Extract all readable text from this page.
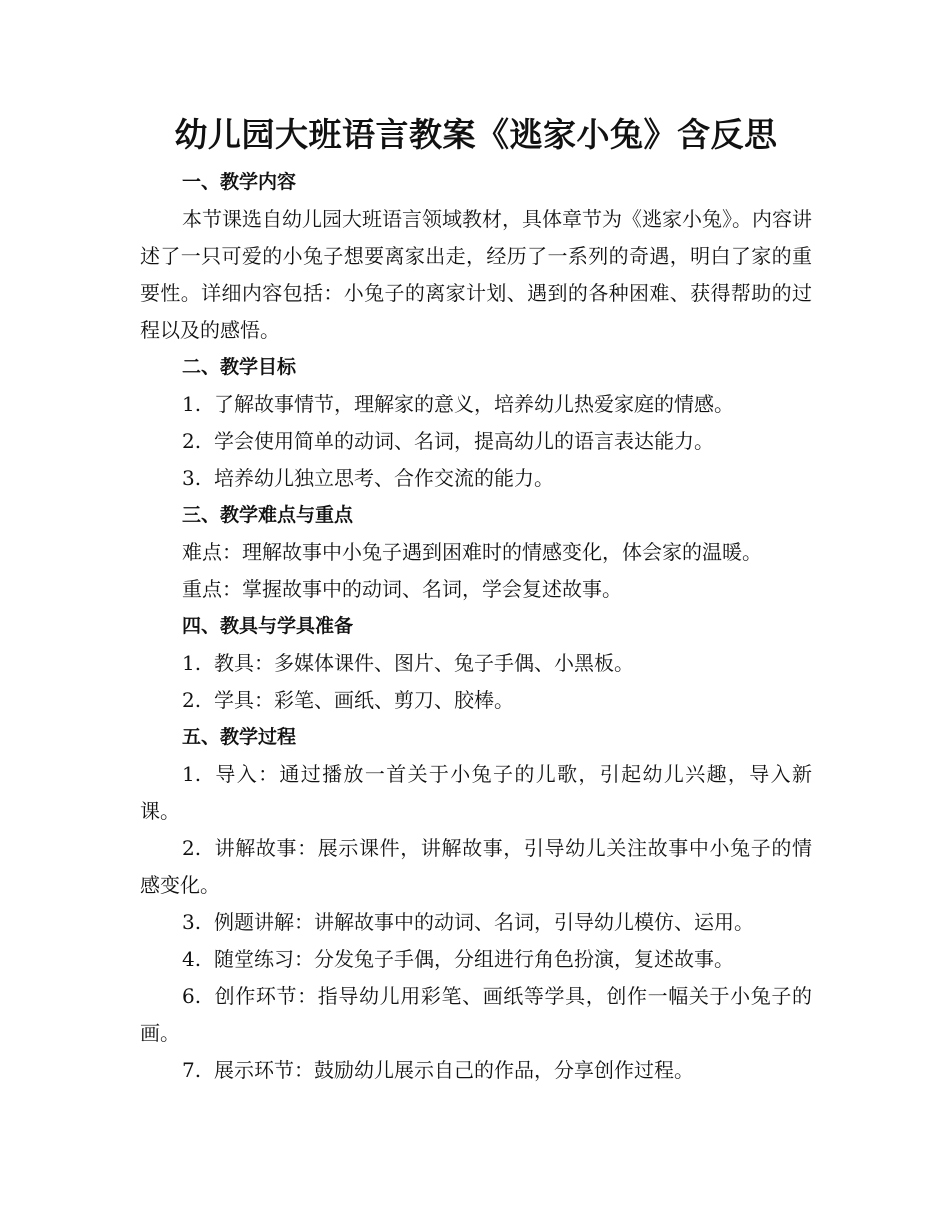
幼儿园大班语言教案《逃家小兔》含反思

一、教学内容

本节课选自幼儿园大班语言领域教材，具体章节为《逃家小兔》。内容讲述了一只可爱的小兔子想要离家出走，经历了一系列的奇遇，明白了家的重要性。详细内容包括：小兔子的离家计划、遇到的各种困难、获得帮助的过程以及的感悟。

二、教学目标

1. 了解故事情节，理解家的意义，培养幼儿热爱家庭的情感。

2. 学会使用简单的动词、名词，提高幼儿的语言表达能力。

3. 培养幼儿独立思考、合作交流的能力。

三、教学难点与重点

难点：理解故事中小兔子遇到困难时的情感变化，体会家的温暖。

重点：掌握故事中的动词、名词，学会复述故事。

四、教具与学具准备

1. 教具：多媒体课件、图片、兔子手偶、小黑板。

2. 学具：彩笔、画纸、剪刀、胶棒。

五、教学过程

1. 导入：通过播放一首关于小兔子的儿歌，引起幼儿兴趣，导入新课。

2. 讲解故事：展示课件，讲解故事，引导幼儿关注故事中小兔子的情感变化。

3. 例题讲解：讲解故事中的动词、名词，引导幼儿模仿、运用。

4. 随堂练习：分发兔子手偶，分组进行角色扮演，复述故事。

6. 创作环节：指导幼儿用彩笔、画纸等学具，创作一幅关于小兔子的画。

7. 展示环节：鼓励幼儿展示自己的作品，分享创作过程。
